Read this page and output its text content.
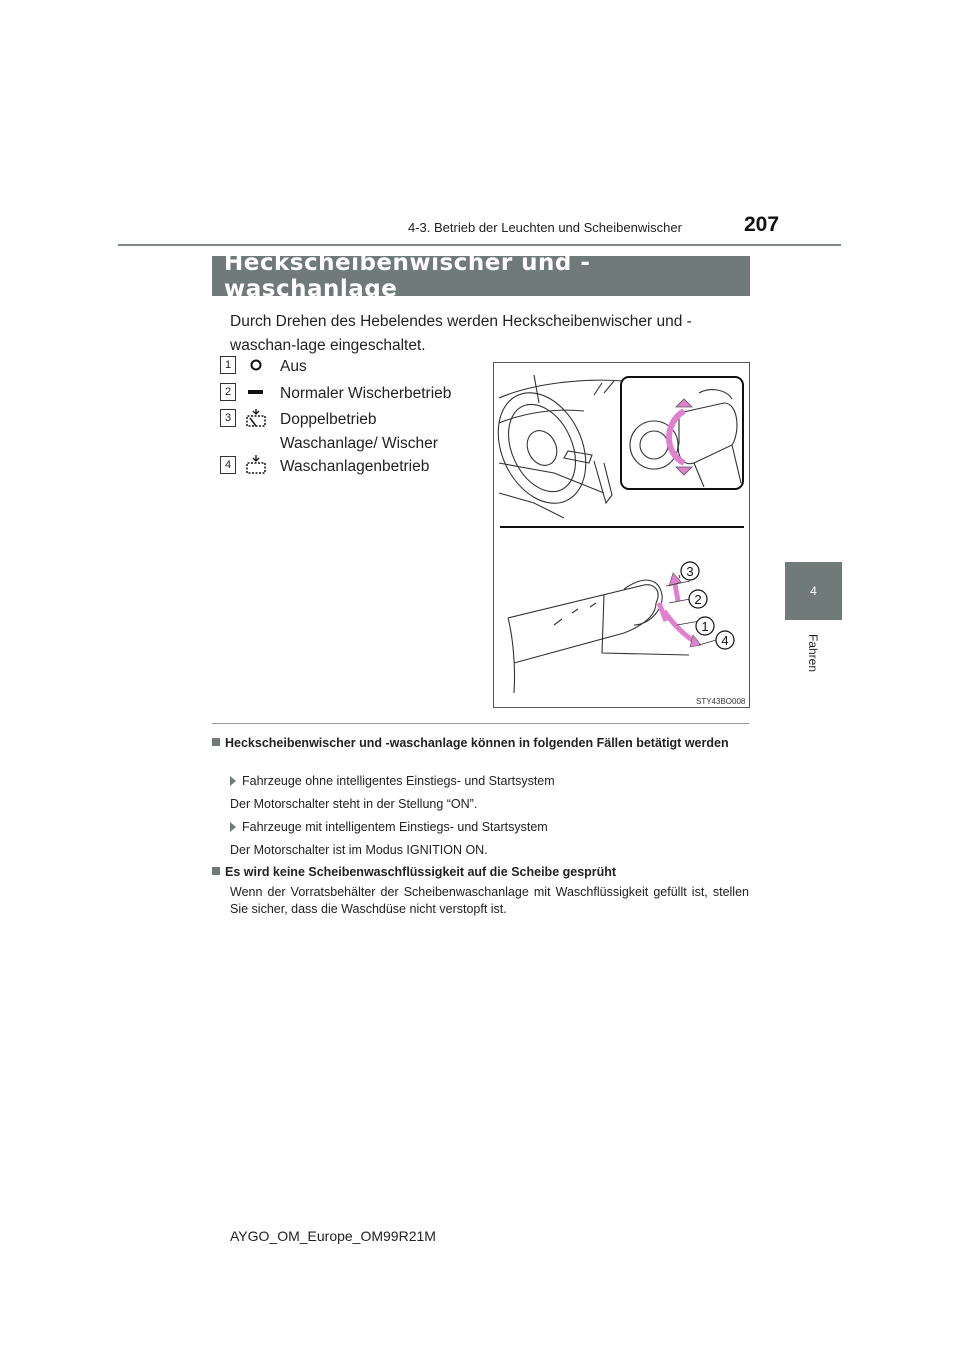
4-3. Betrieb der Leuchten und Scheibenwischer	207
4
Fahren
Heckscheibenwischer und -waschanlage
Durch Drehen des Hebelendes werden Heckscheibenwischer und -waschan-lage eingeschaltet.
1	Aus
2	Normaler Wischerbetrieb
3	Doppelbetrieb Waschanlage/ Wischer
4	Waschanlagenbetrieb
3
2
1
4
STY43BO008
Heckscheibenwischer und -waschanlage können in folgenden Fällen betätigt werden
Fahrzeuge ohne intelligentes Einstiegs- und Startsystem
Der Motorschalter steht in der Stellung “ON”.
Fahrzeuge mit intelligentem Einstiegs- und Startsystem
Der Motorschalter ist im Modus IGNITION ON.
Es wird keine Scheibenwaschflüssigkeit auf die Scheibe gesprüht
Wenn der Vorratsbehälter der Scheibenwaschanlage mit Waschflüssigkeit gefüllt ist, stellen Sie sicher, dass die Waschdüse nicht verstopft ist.
AYGO_OM_Europe_OM99R21M
